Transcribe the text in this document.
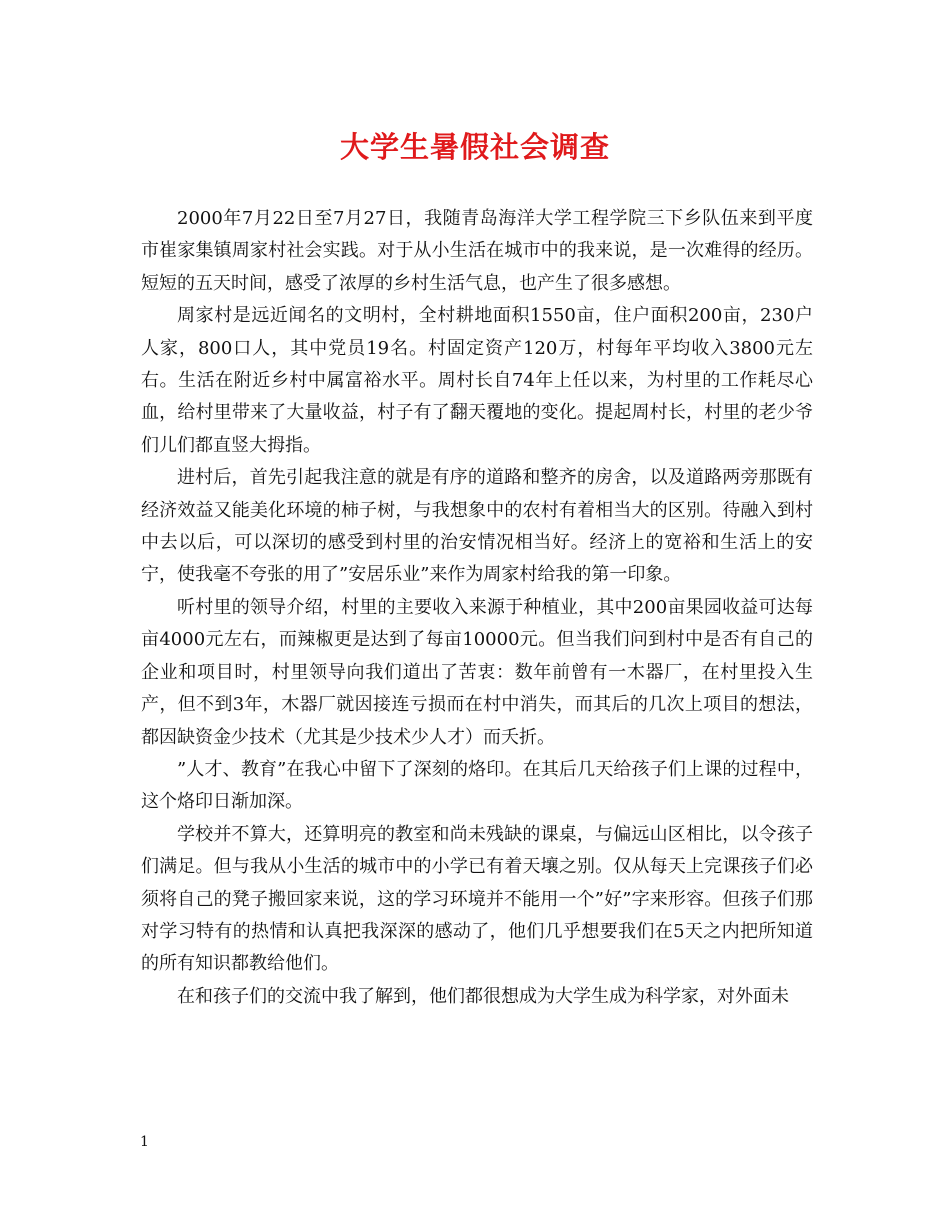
大学生暑假社会调查

2000年7月22日至7月27日，我随青岛海洋大学工程学院三下乡队伍来到平度市崔家集镇周家村社会实践。对于从小生活在城市中的我来说，是一次难得的经历。短短的五天时间，感受了浓厚的乡村生活气息，也产生了很多感想。

周家村是远近闻名的文明村，全村耕地面积1550亩，住户面积200亩，230户人家，800口人，其中党员19名。村固定资产120万，村每年平均收入3800元左右。生活在附近乡村中属富裕水平。周村长自74年上任以来，为村里的工作耗尽心血，给村里带来了大量收益，村子有了翻天覆地的变化。提起周村长，村里的老少爷们儿们都直竖大拇指。

进村后，首先引起我注意的就是有序的道路和整齐的房舍，以及道路两旁那既有经济效益又能美化环境的柿子树，与我想象中的农村有着相当大的区别。待融入到村中去以后，可以深切的感受到村里的治安情况相当好。经济上的宽裕和生活上的安宁，使我毫不夸张的用了”安居乐业”来作为周家村给我的第一印象。

听村里的领导介绍，村里的主要收入来源于种植业，其中200亩果园收益可达每亩4000元左右，而辣椒更是达到了每亩10000元。但当我们问到村中是否有自己的企业和项目时，村里领导向我们道出了苦衷：数年前曾有一木器厂，在村里投入生产，但不到3年，木器厂就因接连亏损而在村中消失，而其后的几次上项目的想法，都因缺资金少技术（尤其是少技术少人才）而夭折。

”人才、教育”在我心中留下了深刻的烙印。在其后几天给孩子们上课的过程中，这个烙印日渐加深。

学校并不算大，还算明亮的教室和尚未残缺的课桌，与偏远山区相比，以令孩子们满足。但与我从小生活的城市中的小学已有着天壤之别。仅从每天上完课孩子们必须将自己的凳子搬回家来说，这的学习环境并不能用一个”好”字来形容。但孩子们那对学习特有的热情和认真把我深深的感动了，他们几乎想要我们在5天之内把所知道的所有知识都教给他们。

在和孩子们的交流中我了解到，他们都很想成为大学生成为科学家，对外面未

1
